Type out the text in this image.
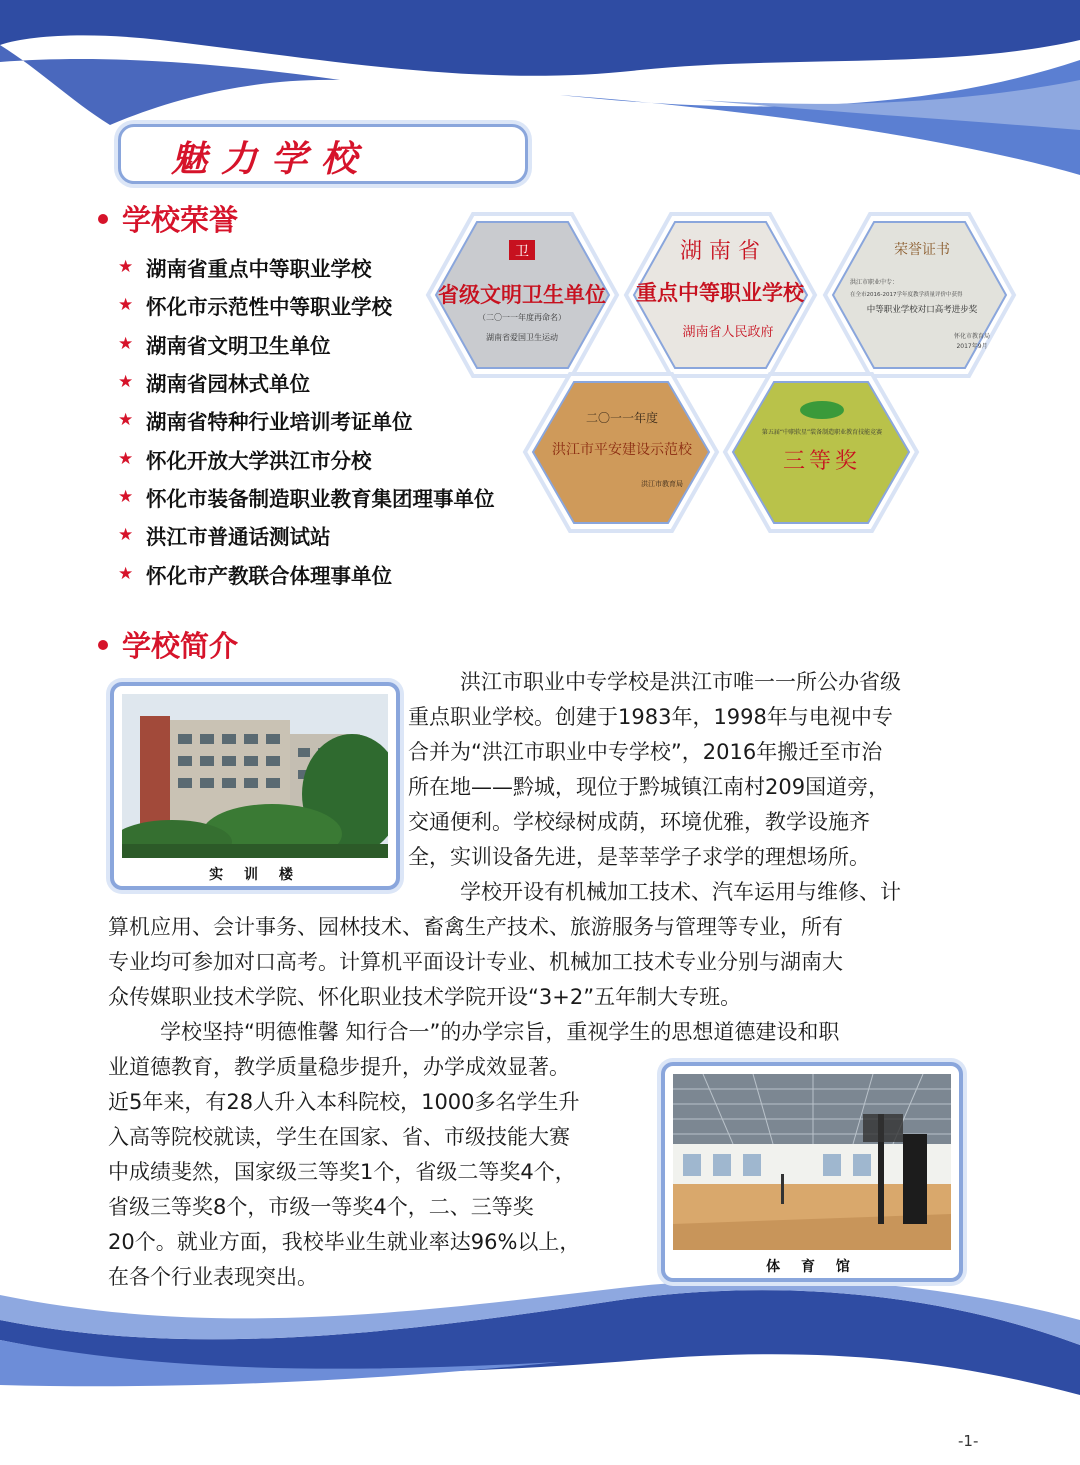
魅力学校
学校荣誉
★ 湖南省重点中等职业学校
★ 怀化市示范性中等职业学校
★ 湖南省文明卫生单位
★ 湖南省园林式单位
★ 湖南省特种行业培训考证单位
★ 怀化开放大学洪江市分校
★ 怀化市装备制造职业教育集团理事单位
★ 洪江市普通话测试站
★ 怀化市产教联合体理事单位
卫
省级文明卫生单位
（二〇一一年度再命名）
湖南省爱国卫生运动
湖 南 省
重点中等职业学校
湖南省人民政府
荣誉证书
洪江市职业中专：
在全市2016-2017学年度教学质量评价中获得
中等职业学校对口高考进步奖
怀化市教育局
2017年9月
二〇一一年度
洪江市平安建设示范校
洪江市教育局
第五届“中职软星”装备制造职业教育技能竞赛
三等奖
学校简介
实 训 楼
体 育 馆
洪江市职业中专学校是洪江市唯一一所公办省级
重点职业学校。创建于1983年，1998年与电视中专
合并为“洪江市职业中专学校”，2016年搬迁至市治
所在地——黔城，现位于黔城镇江南村209国道旁，
交通便利。学校绿树成荫，环境优雅，教学设施齐
全，实训设备先进，是莘莘学子求学的理想场所。
学校开设有机械加工技术、汽车运用与维修、计
算机应用、会计事务、园林技术、畜禽生产技术、旅游服务与管理等专业，所有
专业均可参加对口高考。计算机平面设计专业、机械加工技术专业分别与湖南大
众传媒职业技术学院、怀化职业技术学院开设“3+2”五年制大专班。
学校坚持“明德惟馨 知行合一”的办学宗旨，重视学生的思想道德建设和职
业道德教育，教学质量稳步提升，办学成效显著。
近5年来，有28人升入本科院校，1000多名学生升
入高等院校就读，学生在国家、省、市级技能大赛
中成绩斐然，国家级三等奖1个，省级二等奖4个，
省级三等奖8个，市级一等奖4个，二、三等奖
20个。就业方面，我校毕业生就业率达96%以上，
在各个行业表现突出。
-1-
